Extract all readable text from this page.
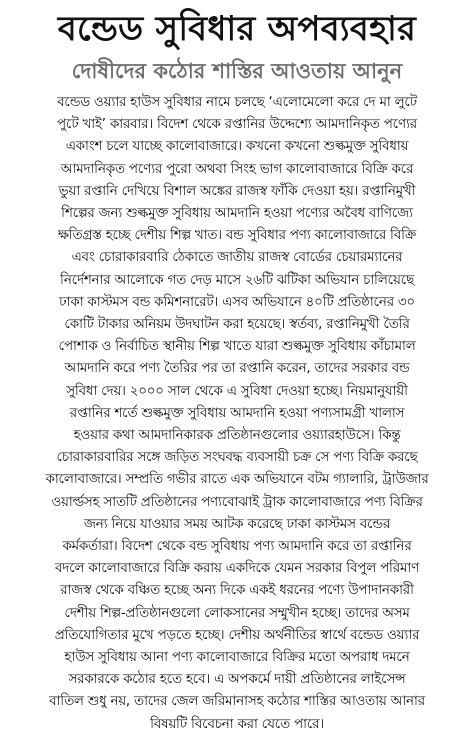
বন্ডেড সুবিধার অপব্যবহার
দোষীদের কঠোর শাস্তির আওতায় আনুন
বন্ডেড ওয়্যার হাউস সুবিধার নামে চলছে ‘এলোমেলো করে দে মা লুটে
পুটে খাই’ কারবার। বিদেশ থেকে রপ্তানির উদ্দেশ্যে আমদানিকৃত পণ্যের
একাংশ চলে যাচ্ছে কালোবাজারে। কখনো কখনো শুল্কমুক্ত সুবিধায়
আমদানিকৃত পণ্যের পুরো অথবা সিংহ ভাগ কালোবাজারে বিক্রি করে
ভুয়া রপ্তানি দেখিয়ে বিশাল অঙ্কের রাজস্ব ফাঁকি দেওয়া হয়। রপ্তানিমুখী
শিল্পের জন্য শুল্কমুক্ত সুবিধায় আমদানি হওয়া পণ্যের অবৈধ বাণিজ্যে
ক্ষতিগ্রস্ত হচ্ছে দেশীয় শিল্প খাত। বন্ড সুবিধার পণ্য কালোবাজারে বিক্রি
এবং চোরাকারবারি ঠেকাতে জাতীয় রাজস্ব বোর্ডের চেয়ারম্যানের
নির্দেশনার আলোকে গত দেড় মাসে ২৬টি ঝটিকা অভিযান চালিয়েছে
ঢাকা কাস্টমস বন্ড কমিশনারেট। এসব অভিযানে ৪০টি প্রতিষ্ঠানের ৩০
কোটি টাকার অনিয়ম উদঘাটন করা হয়েছে। স্বর্তব্য, রপ্তানিমুখী তৈরি
পোশাক ও নির্বাচিত স্থানীয় শিল্প খাতে যারা শুল্কমুক্ত সুবিধায় কাঁচামাল
আমদানি করে পণ্য তৈরির পর তা রপ্তানি করেন, তাদের সরকার বন্ড
সুবিধা দেয়। ২০০০ সাল থেকে এ সুবিধা দেওয়া হচ্ছে। নিয়মানুযায়ী
রপ্তানির শর্তে শুল্কমুক্ত সুবিধায় আমদানি হওয়া পণ্যসামগ্রী খালাস
হওয়ার কথা আমদানিকারক প্রতিষ্ঠানগুলোর ওয়্যারহাউসে। কিন্তু
চোরাকারবারির সঙ্গে জড়িত সংঘবদ্ধ ব্যবসায়ী চক্র সে পণ্য বিক্রি করছে
কালোবাজারে। সম্প্রতি গভীর রাতে এক অভিযানে বটম গ্যালারি, ট্রাউজার
ওয়ার্ল্ডসহ সাতটি প্রতিষ্ঠানের পণ্যবোঝাই ট্রাক কালোবাজারে পণ্য বিক্রির
জন্য নিয়ে যাওয়ার সময় আটক করেছে ঢাকা কাস্টমস বন্ডের
কর্মকর্তারা। বিদেশ থেকে বন্ড সুবিধায় পণ্য আমদানি করে তা রপ্তানির
বদলে কালোবাজারে বিক্রি করায় একদিকে যেমন সরকার বিপুল পরিমাণ
রাজস্ব থেকে বঞ্চিত হচ্ছে অন্য দিকে একই ধরনের পণ্যে উপাদানকারী
দেশীয় শিল্প-প্রতিষ্ঠানগুলো লোকসানের সম্মুখীন হচ্ছে। তাদের অসম
প্রতিযোগিতার মুখে পড়তে হচ্ছে। দেশীয় অর্থনীতির স্বার্থে বন্ডেড ওয়্যার
হাউস সুবিধায় আনা পণ্য কালোবাজারে বিক্রির মতো অপরাধ দমনে
সরকারকে কঠোর হতে হবে। এ অপকর্মে দায়ী প্রতিষ্ঠানের লাইসেন্স
বাতিল শুধু নয়, তাদের জেল জরিমানাসহ কঠোর শাস্তির আওতায় আনার
বিষয়টি বিবেচনা করা যেতে পারে।
